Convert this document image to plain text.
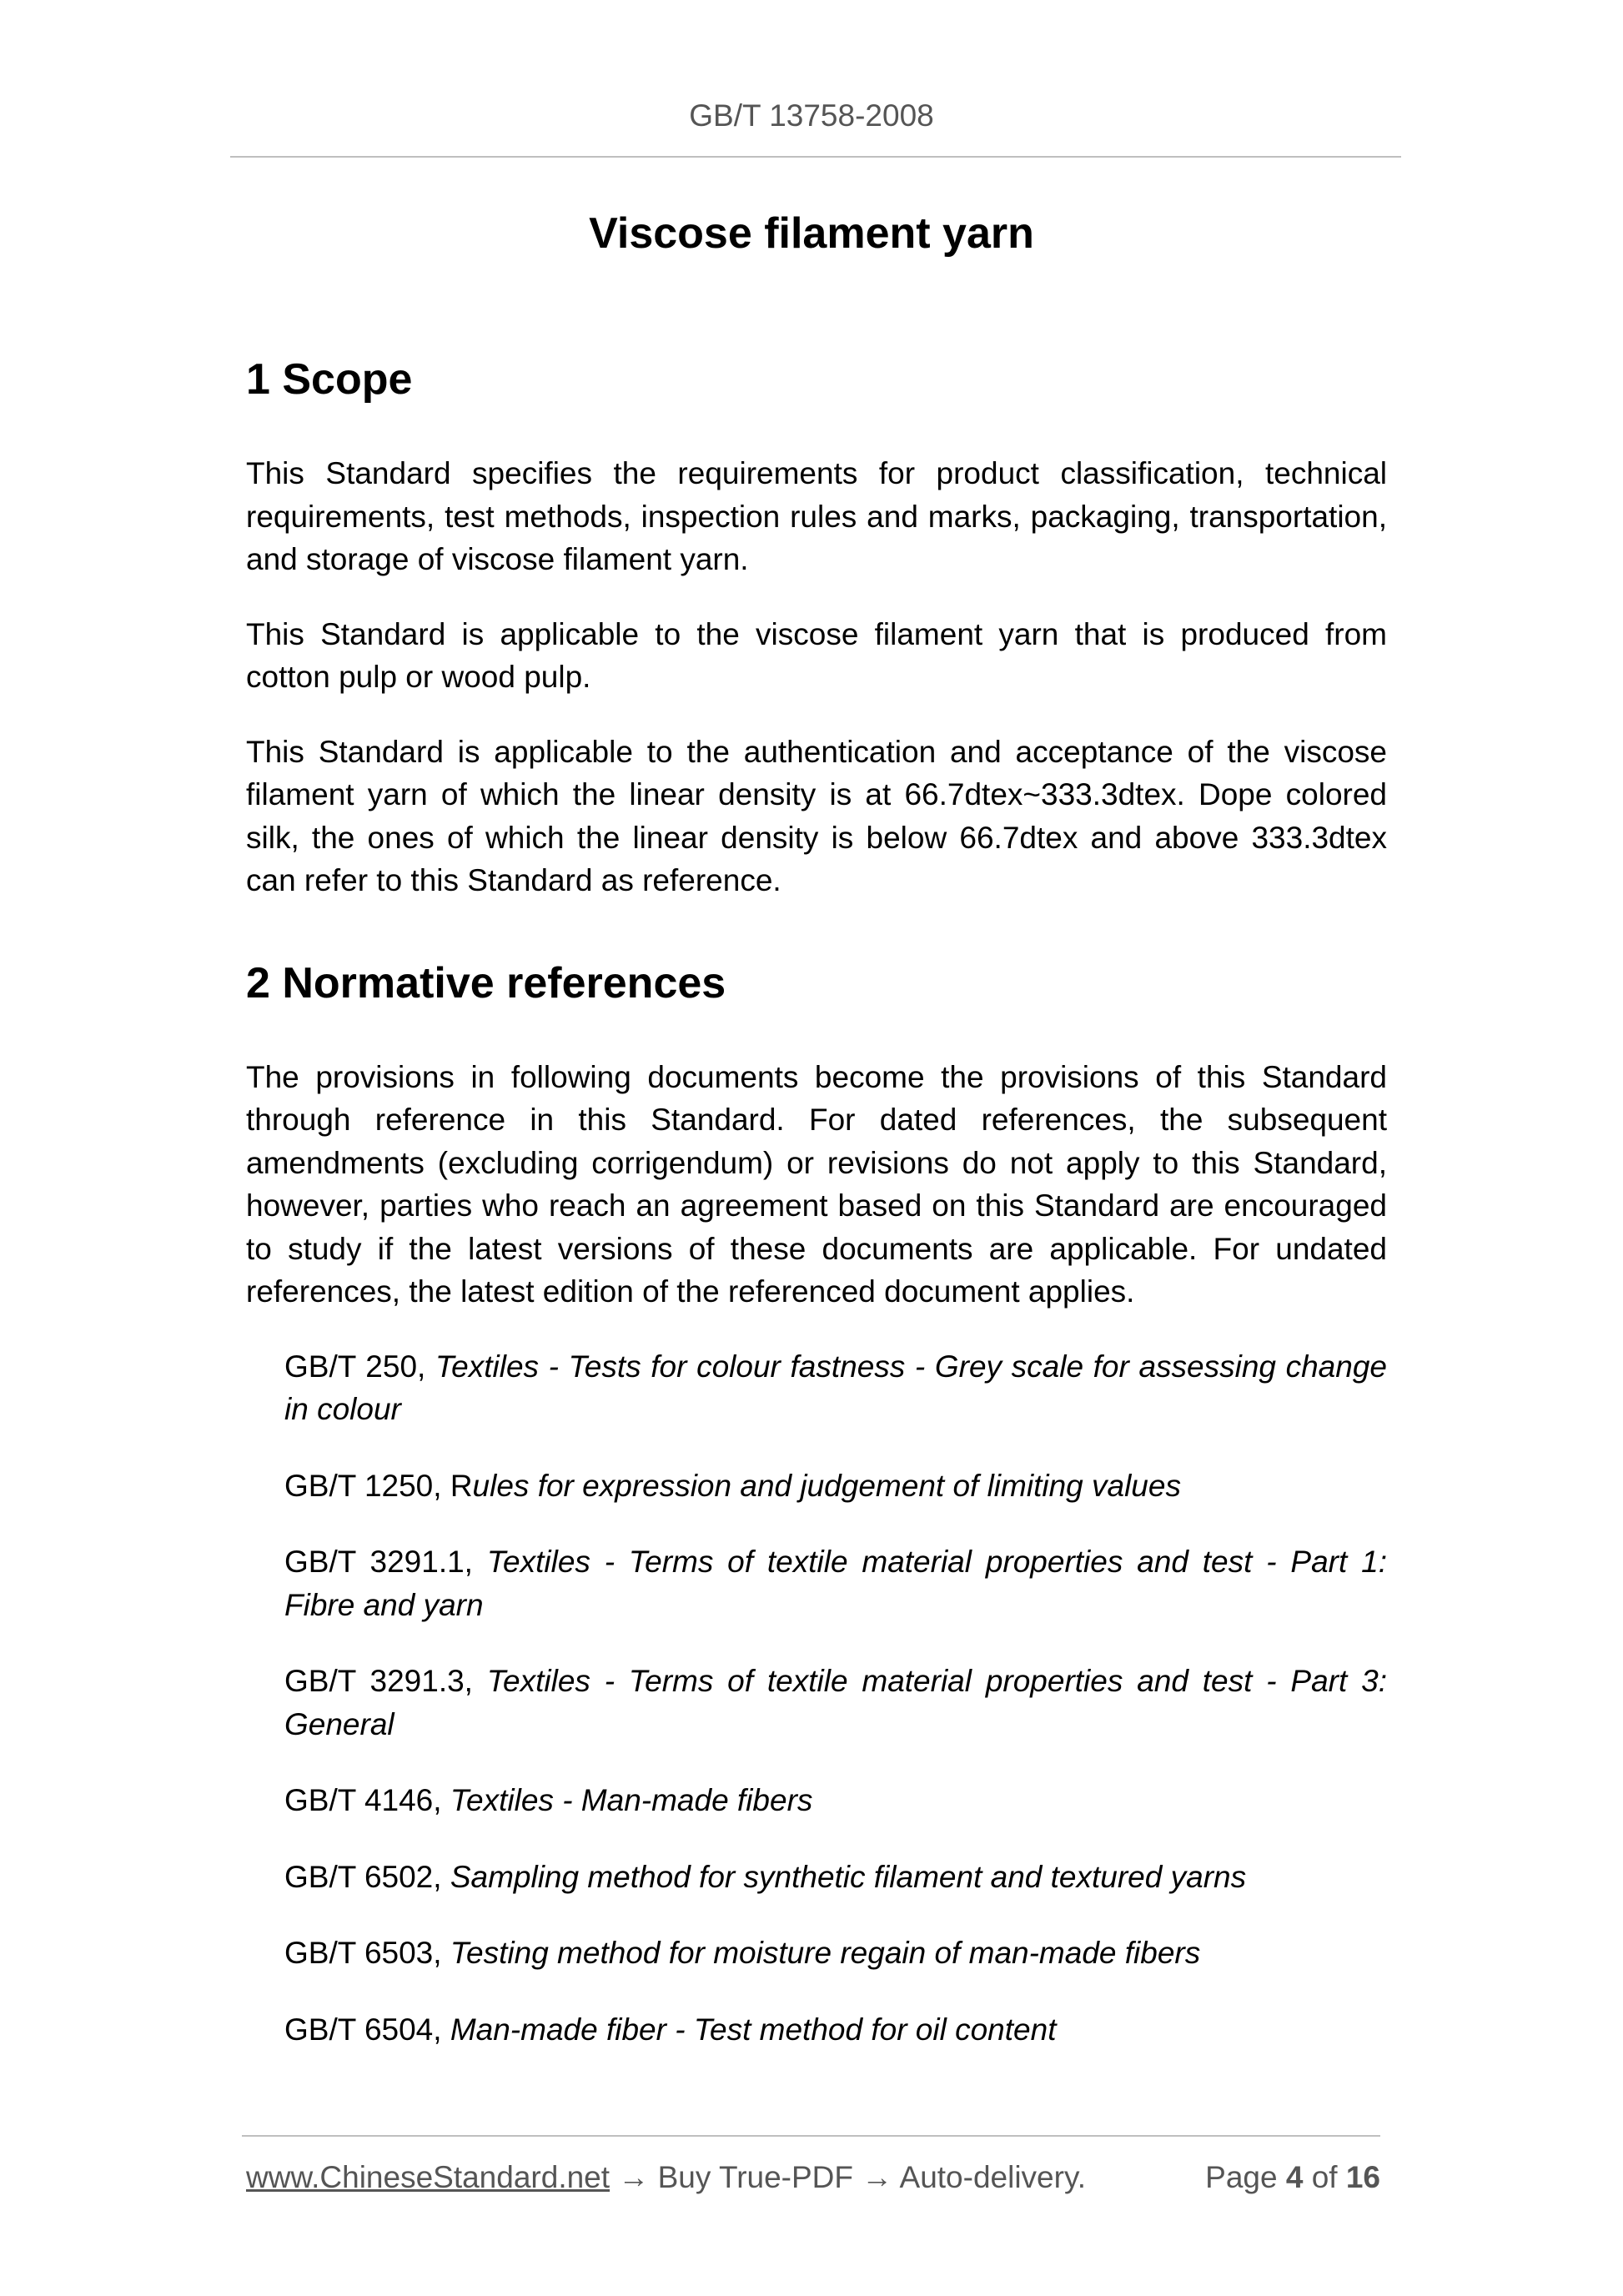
GB/T 13758-2008
Viscose filament yarn
1 Scope

This Standard specifies the requirements for product classification, technical requirements, test methods, inspection rules and marks, packaging, transportation, and storage of viscose filament yarn.

This Standard is applicable to the viscose filament yarn that is produced from cotton pulp or wood pulp.

This Standard is applicable to the authentication and acceptance of the viscose filament yarn of which the linear density is at 66.7dtex~333.3dtex. Dope colored silk, the ones of which the linear density is below 66.7dtex and above 333.3dtex can refer to this Standard as reference.

2 Normative references

The provisions in following documents become the provisions of this Standard through reference in this Standard. For dated references, the subsequent amendments (excluding corrigendum) or revisions do not apply to this Standard, however, parties who reach an agreement based on this Standard are encouraged to study if the latest versions of these documents are applicable. For undated references, the latest edition of the referenced document applies.

GB/T 250, Textiles - Tests for colour fastness - Grey scale for assessing change in colour
GB/T 1250, Rules for expression and judgement of limiting values
GB/T 3291.1, Textiles - Terms of textile material properties and test - Part 1: Fibre and yarn
GB/T 3291.3, Textiles - Terms of textile material properties and test - Part 3: General
GB/T 4146, Textiles - Man-made fibers
GB/T 6502, Sampling method for synthetic filament and textured yarns
GB/T 6503, Testing method for moisture regain of man-made fibers
GB/T 6504, Man-made fiber - Test method for oil content
www.ChineseStandard.net → Buy True-PDF → Auto-delivery.	Page 4 of 16
